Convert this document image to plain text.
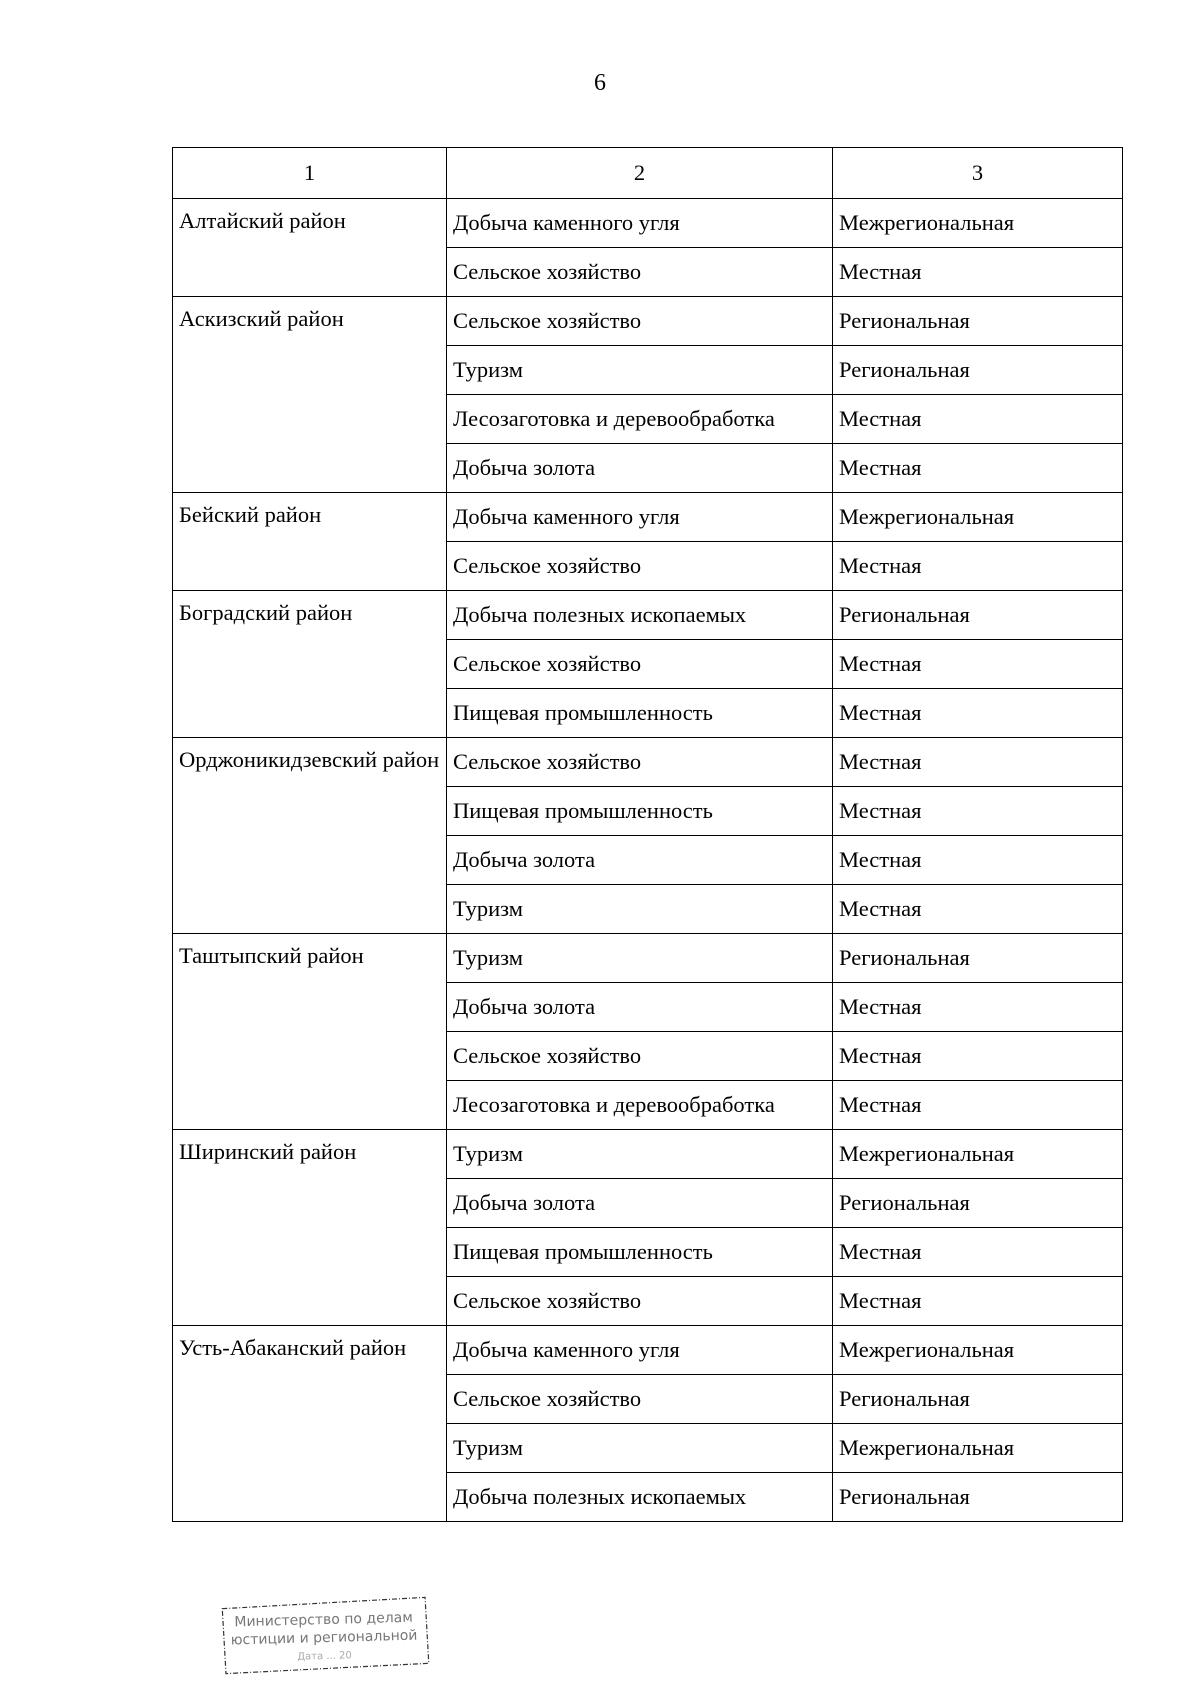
6
1	2	3
Алтайский район	Добыча каменного угля	Межрегиональная
	Сельское хозяйство	Местная
Аскизский район	Сельское хозяйство	Региональная
	Туризм	Региональная
	Лесозаготовка и деревообработка	Местная
	Добыча золота	Местная
Бейский район	Добыча каменного угля	Межрегиональная
	Сельское хозяйство	Местная
Боградский район	Добыча полезных ископаемых	Региональная
	Сельское хозяйство	Местная
	Пищевая промышленность	Местная
Орджоникидзевский район	Сельское хозяйство	Местная
	Пищевая промышленность	Местная
	Добыча золота	Местная
	Туризм	Местная
Таштыпский район	Туризм	Региональная
	Добыча золота	Местная
	Сельское хозяйство	Местная
	Лесозаготовка и деревообработка	Местная
Ширинский район	Туризм	Межрегиональная
	Добыча золота	Региональная
	Пищевая промышленность	Местная
	Сельское хозяйство	Местная
Усть-Абаканский район	Добыча каменного угля	Межрегиональная
	Сельское хозяйство	Региональная
	Туризм	Межрегиональная
	Добыча полезных ископаемых	Региональная
Министерство по делам
юстиции и региональной
Дата ... 20
